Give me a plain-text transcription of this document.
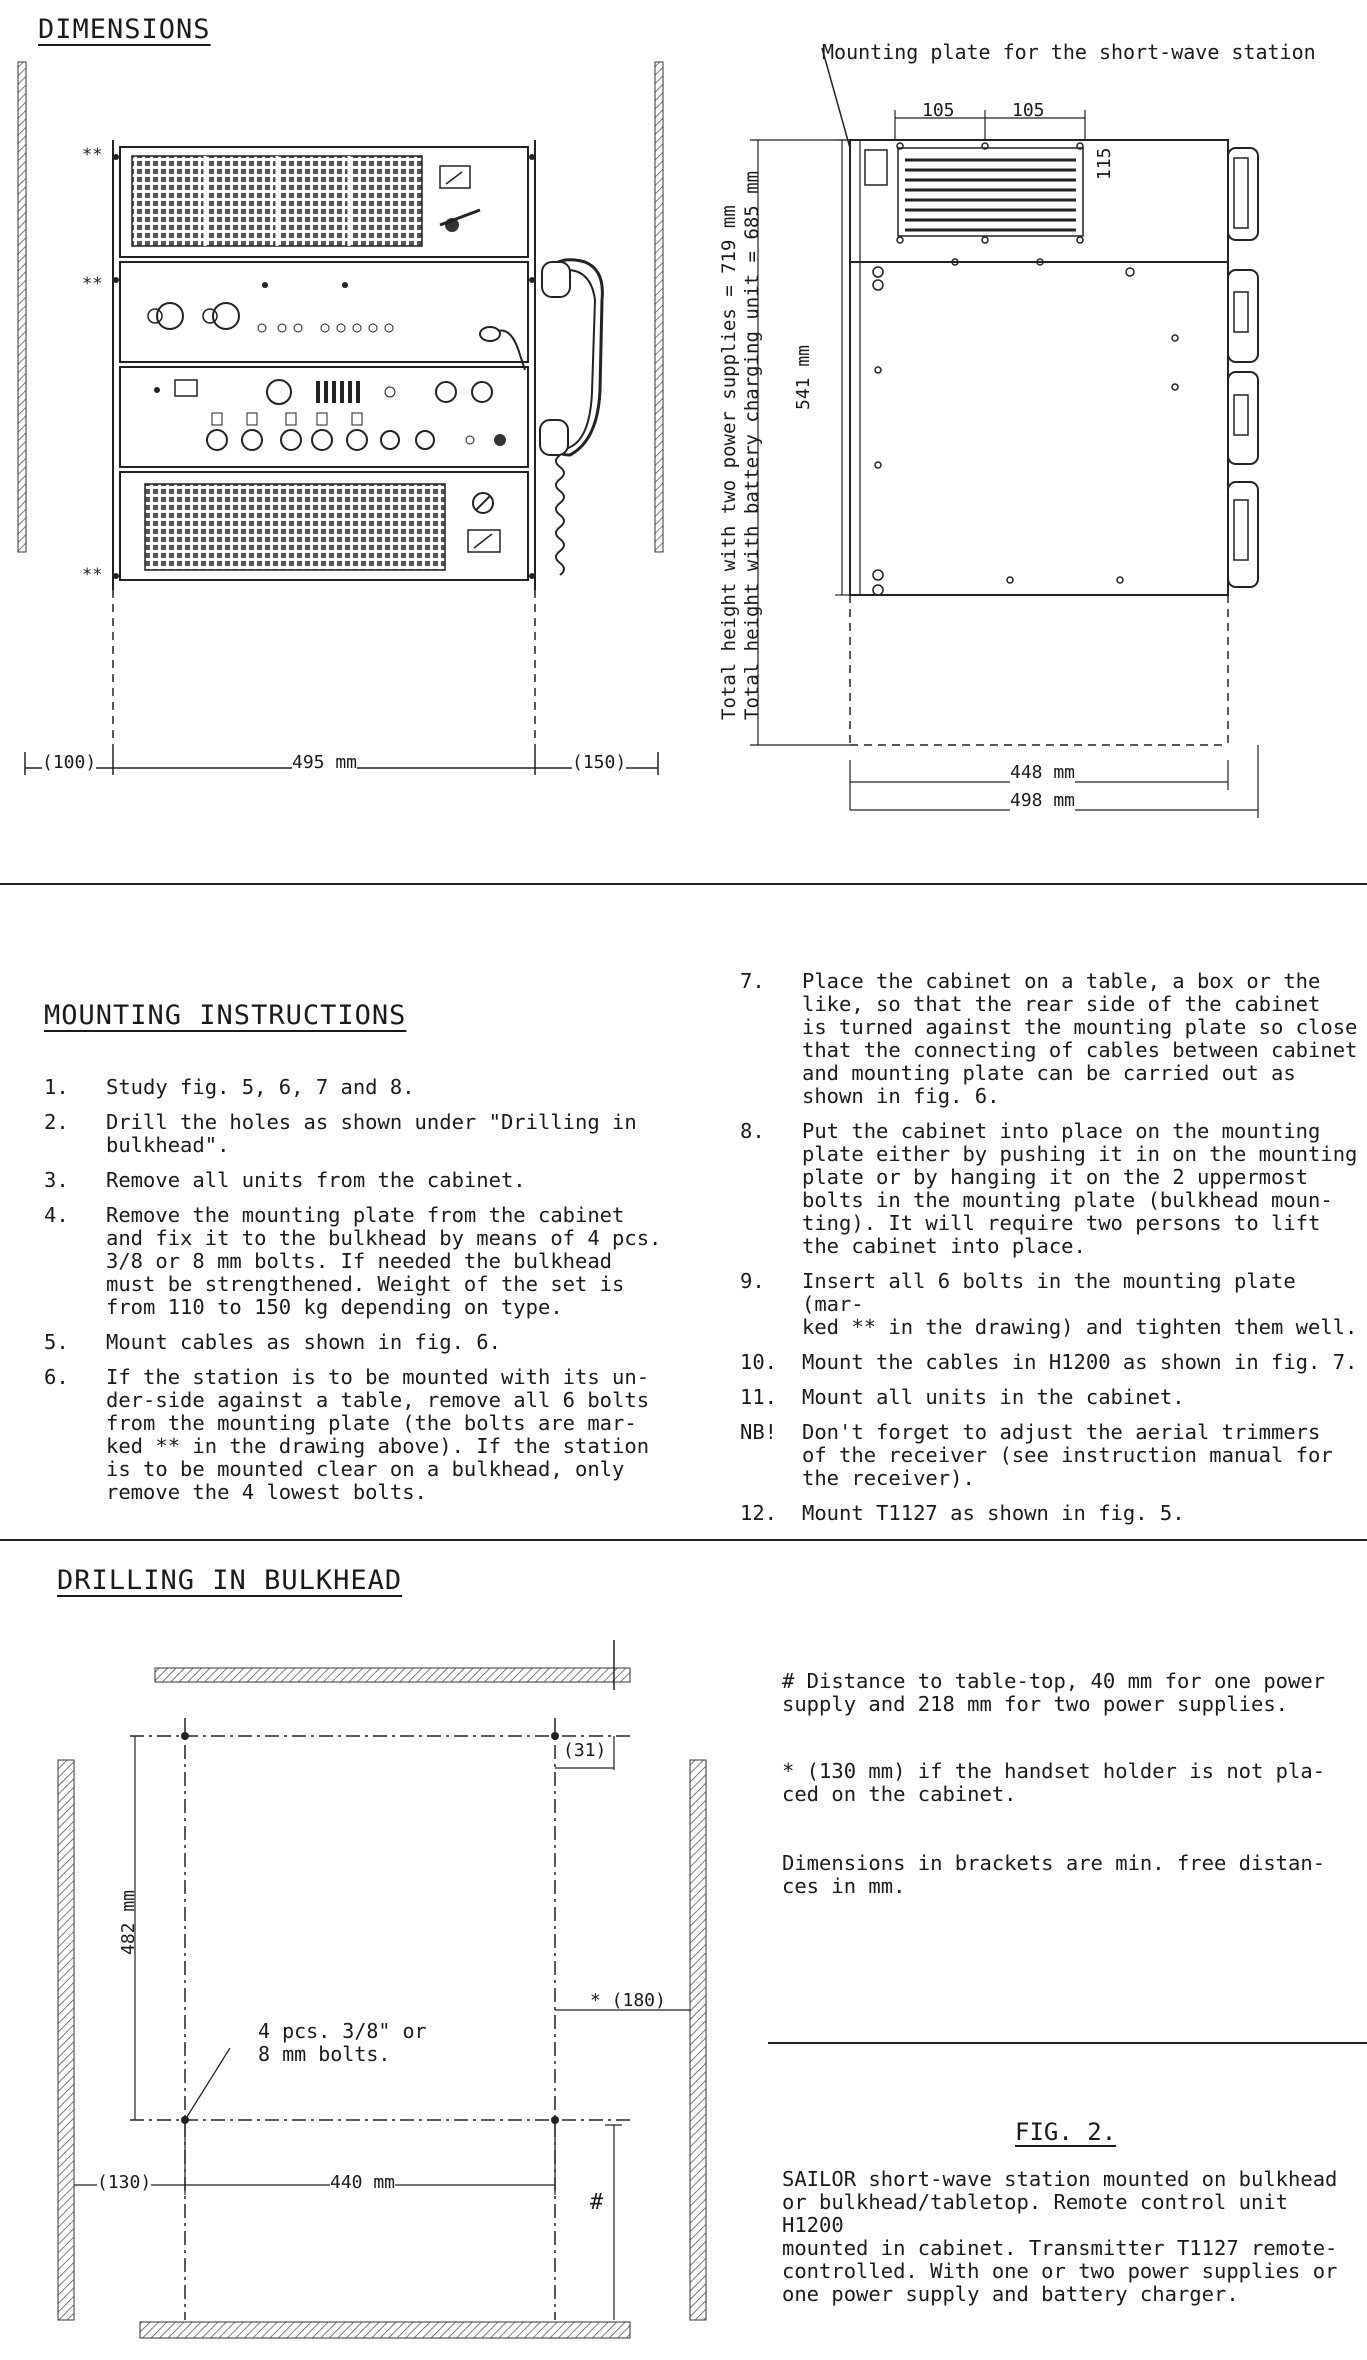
DIMENSIONS
**
**
**
(100)	495 mm	(150)
Mounting plate for the short-wave station
105	105
115
541 mm
Total height with two power supplies = 719 mm Total height with battery charging unit = 685 mm
448 mm
498 mm
MOUNTING INSTRUCTIONS
1.	Study fig. 5, 6, 7 and 8.
2.	Drill the holes as shown under "Drilling in
bulkhead".
3.	Remove all units from the cabinet.
4.	Remove the mounting plate from the cabinet
and fix it to the bulkhead by means of 4 pcs.
3/8 or 8 mm bolts. If needed the bulkhead
must be strengthened. Weight of the set is
from 110 to 150 kg depending on type.
5.	Mount cables as shown in fig. 6.
6.	If the station is to be mounted with its un-
der-side against a table, remove all 6 bolts
from the mounting plate (the bolts are mar-
ked ** in the drawing above). If the station
is to be mounted clear on a bulkhead, only
remove the 4 lowest bolts.
7.	Place the cabinet on a table, a box or the
like, so that the rear side of the cabinet
is turned against the mounting plate so close
that the connecting of cables between cabinet
and mounting plate can be carried out as
shown in fig. 6.
8.	Put the cabinet into place on the mounting
plate either by pushing it in on the mounting
plate or by hanging it on the 2 uppermost
bolts in the mounting plate (bulkhead moun-
ting). It will require two persons to lift
the cabinet into place.
9.	Insert all 6 bolts in the mounting plate (mar-
ked ** in the drawing) and tighten them well.
10.	Mount the cables in H1200 as shown in fig. 7.
11.	Mount all units in the cabinet.
NB!	Don't forget to adjust the aerial trimmers
of the receiver (see instruction manual for
the receiver).
12.	Mount T1127 as shown in fig. 5.
DRILLING IN BULKHEAD
(31)
482 mm
* (180)
4 pcs. 3/8" or
8 mm bolts.
(130)	440 mm
#
# Distance to table-top, 40 mm for one power
supply and 218 mm for two power supplies.
* (130 mm) if the handset holder is not pla-
ced on the cabinet.
Dimensions in brackets are min. free distan-
ces in mm.
FIG. 2.
SAILOR short-wave station mounted on bulkhead
or bulkhead/tabletop. Remote control unit H1200
mounted in cabinet. Transmitter T1127 remote-
controlled. With one or two power supplies or
one power supply and battery charger.
